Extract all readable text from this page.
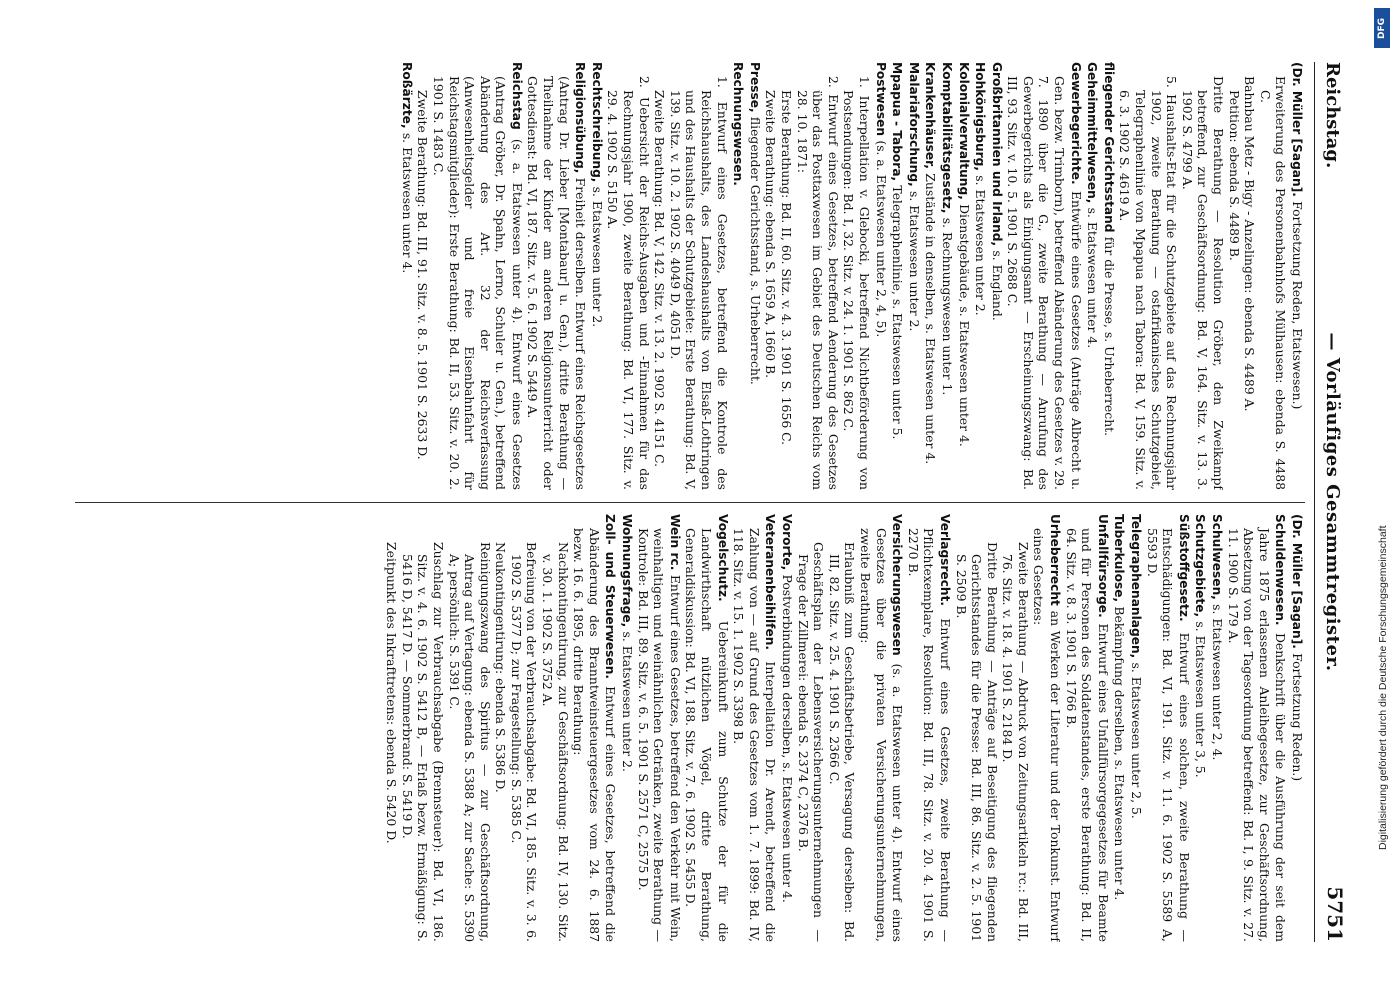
Reichstag.
— Vorläufiges Gesammtregister.
5751

(Dr. Müller [Sagan]. Fortsetzung Reden, Etatswesen.)

Erweiterung des Personenbahnhofs Mülhausen: ebenda S. 4488 C.

Bahnbau Metz - Bigy - Anzelingen: ebenda S. 4489 A.

Petition: ebenda S. 4489 B.

Dritte Berathung — Resolution Gröber, den Zweikampf betreffend, zur Geschäftsordnung: Bd. V, 164. Sitz. v. 13. 3. 1902 S. 4799 A.

5. Haushalts-Etat für die Schutzgebiete auf das Rechnungsjahr 1902, zweite Berathung — ostafrikanisches Schutzgebiet, Telegraphenlinie von Mpapua nach Tabora: Bd. V, 159. Sitz. v. 6. 3. 1902 S. 4619 A.

fliegender Gerichtsstand für die Presse, s. Urheberrecht.

Geheimmittelwesen, s. Etatswesen unter 4.

Gewerbegerichte. Entwürfe eines Gesetzes (Anträge Albrecht u. Gen. bezw. Trimborn), betreffend Abänderung des Gesetzes v. 29. 7. 1890 über die G., zweite Berathung — Anrufung des Gewerbegerichts als Einigungsamt — Erscheinungszwang: Bd. III, 93. Sitz. v. 10. 5. 1901 S. 2688 C.

Großbritannien und Irland, s. England.

Hohkönigsburg, s. Etatswesen unter 2.

Kolonialverwaltung, Dienstgebäude, s. Etatswesen unter 4.

Komptabilitätsgesetz, s. Rechnungswesen unter 1.

Krankenhäuser, Zustände in denselben, s. Etatswesen unter 4.

Malariaforschung, s. Etatswesen unter 2.

Mpapua - Tabora, Telegraphenlinie, s. Etatswesen unter 5.

Postwesen (s. a. Etatswesen unter 2, 4, 5).

1. Interpellation v. Glebocki, betreffend Nichtbeförderung von Postsendungen: Bd. I, 32. Sitz. v. 24. 1. 1901 S. 862 C.

2. Entwurf eines Gesetzes, betreffend Aenderung des Gesetzes über das Posttaxwesen im Gebiet des Deutschen Reichs vom 28. 10. 1871:

Erste Berathung: Bd. II, 60. Sitz. v. 4. 3. 1901 S. 1656 C.

Zweite Berathung: ebenda S. 1659 A, 1660 B.

Presse, fliegender Gerichtsstand, s. Urheberrecht.

Rechnungswesen.

1. Entwurf eines Gesetzes, betreffend die Kontrole des Reichshaushalts, des Landeshaushalts von Elsaß-Lothringen und des Haushalts der Schutzgebiete: Erste Berathung: Bd. V, 139. Sitz. v. 10. 2. 1902 S. 4049 D, 4051 D.

Zweite Berathung: Bd. V, 142. Sitz. v. 13. 2. 1902 S. 4151 C.

2. Uebersicht der Reichs-Ausgaben und -Einnahmen für das Rechnungsjahr 1900, zweite Berathung: Bd. VI, 177. Sitz. v. 29. 4. 1902 S. 5150 A.

Rechtschreibung, s. Etatswesen unter 2.

Religionsübung, Freiheit derselben. Entwurf eines Reichsgesetzes (Antrag Dr. Lieber [Montabaur] u. Gen.), dritte Berathung — Theilnahme der Kinder am anderen Religionsunterricht oder Gottesdienst: Bd. VI, 187. Sitz. v. 5. 6. 1902 S. 5449 A.

Reichstag (s. a. Etatswesen unter 4). Entwurf eines Gesetzes (Antrag Gröber, Dr. Spahn, Lerno, Schuler u. Gen.), betreffend Abänderung des Art. 32 der Reichsverfassung (Anwesenheitsgelder und freie Eisenbahnfahrt für Reichstagsmitglieder): Erste Berathung: Bd. II, 53. Sitz. v. 20. 2. 1901 S. 1483 C.

Zweite Berathung: Bd. III, 91. Sitz. v. 8. 5. 1901 S. 2633 D.

Roßärzte, s. Etatswesen unter 4.

(Dr. Müller [Sagan]. Fortsetzung Reden.)

Schuldenwesen. Denkschrift über die Ausführung der seit dem Jahre 1875 erlassenen Anleihegesetze, zur Geschäftsordnung, Absetzung von der Tagesordnung betreffend: Bd. I, 9. Sitz. v. 27. 11. 1900 S. 179 A.

Schulwesen, s. Etatswesen unter 2, 4.

Schutzgebiete, s. Etatswesen unter 3, 5.

Süßstoffgesetz. Entwurf eines solchen, zweite Berathung — Entschädigungen: Bd. VI, 191. Sitz. v. 11. 6. 1902 S. 5589 A, 5593 D.

Telegraphenanlagen, s. Etatswesen unter 2, 5.

Tuberkulose, Bekämpfung derselben, s. Etatswesen unter 4.

Unfallfürsorge. Entwurf eines Unfallfürsorgegesetzes für Beamte und für Personen des Soldatenstandes, erste Berathung: Bd. II, 64. Sitz. v. 8. 3. 1901 S. 1766 B.

Urheberrecht an Werken der Literatur und der Tonkunst. Entwurf eines Gesetzes:

Zweite Berathung — Abdruck von Zeitungsartikeln rc.: Bd. III, 76. Sitz. v. 18. 4. 1901 S. 2184 D.

Dritte Berathung — Anträge auf Beseitigung des fliegenden Gerichtsstandes für die Presse: Bd. III, 86. Sitz. v. 2. 5. 1901 S. 2509 B.

Verlagsrecht. Entwurf eines Gesetzes, zweite Berathung — Pflichtexemplare, Resolution: Bd. III, 78. Sitz. v. 20. 4. 1901 S. 2270 B.

Versicherungswesen (s. a. Etatswesen unter 4). Entwurf eines Gesetzes über die privaten Versicherungsunternehmungen, zweite Berathung:

Erlaubniß zum Geschäftsbetriebe, Versagung derselben: Bd. III, 82. Sitz. v. 25. 4. 1901 S. 2366 C.

Geschäftsplan der Lebensversicherungsunternehmungen — Frage der Zillmerei: ebenda S. 2374 C, 2376 B.

Vororte, Postverbindungen derselben, s. Etatswesen unter 4.

Veteranenbeihilfen. Interpellation Dr. Arendt, betreffend die Zahlung von — auf Grund des Gesetzes vom 1. 7. 1899: Bd. IV, 118. Sitz. v. 15. 1. 1902 S. 3398 B.

Vogelschutz. Uebereinkunft zum Schutze der für die Landwirthschaft nützlichen Vögel, dritte Berathung, Generaldiskussion: Bd. VI, 188. Sitz. v. 7. 6. 1902 S. 5455 D.

Wein rc. Entwurf eines Gesetzes, betreffend den Verkehr mit Wein, weinhaltigen und weinähnlichen Getränken, zweite Berathung — Kontrole: Bd. III, 89. Sitz. v. 6. 5. 1901 S. 2571 C, 2575 D.

Wohnungsfrage, s. Etatswesen unter 2.

Zoll- und Steuerwesen. Entwurf eines Gesetzes, betreffend die Abänderung des Branntweinsteuergesetzes vom 24. 6. 1887 bezw. 16. 6. 1895, dritte Berathung:

Nachkontingentirung, zur Geschäftsordnung: Bd. IV, 130. Sitz. v. 30. 1. 1902 S. 3752 A.

Befreiung von der Verbrauchsabgabe: Bd. VI, 185. Sitz. v. 3. 6. 1902 S. 5377 D; zur Fragestellung: S. 5385 C.

Neukontingentirung: ebenda S. 5386 D.

Reinigungszwang des Spiritus — zur Geschäftsordnung, Antrag auf Vertagung: ebenda S. 5388 A; zur Sache: S. 5390 A; persönlich: S. 5391 C.

Zuschlag zur Verbrauchsabgabe (Brennsteuer): Bd. VI, 186. Sitz. v. 4. 6. 1902 S. 5412 B, — Erlaß bezw. Ermäßigung: S. 5416 D, 5417 D. — Sommerbrand: S. 5419 D.

Zeitpunkt des Inkrafttretens: ebenda S. 5420 D.

DFG
Digitalisierung gefördert durch die Deutsche Forschungsgemeinschaft
